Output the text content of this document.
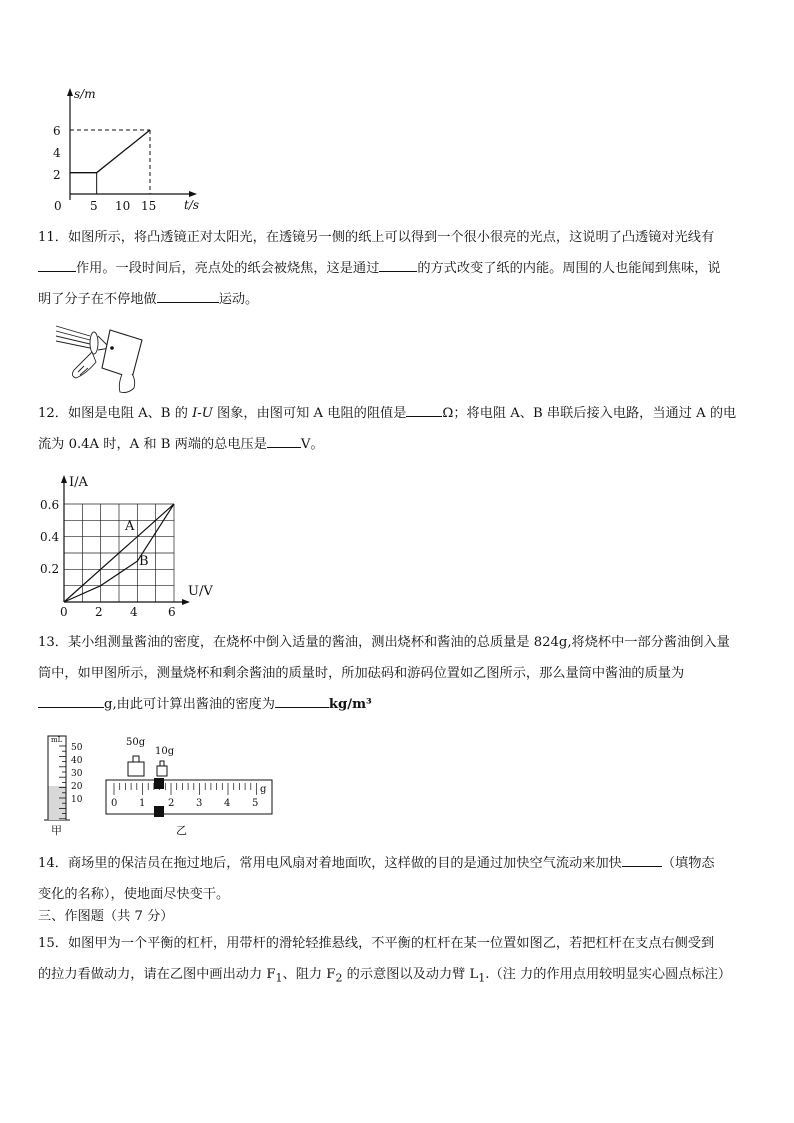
s/m
t/s
6
4
2
0 5 10 15
11．如图所示，将凸透镜正对太阳光，在透镜另一侧的纸上可以得到一个很小很亮的光点，这说明了凸透镜对光线有
作用。一段时间后，亮点处的纸会被烧焦，这是通过	的方式改变了纸的内能。周围的人也能闻到焦味，说
明了分子在不停地做	运动。
12．如图是电阻 A、B 的 I-U 图象，由图可知 A 电阻的阻值是	Ω；将电阻 A、B 串联后接入电路，当通过 A 的电
流为 0.4A 时，A 和 B 两端的总电压是	V。
I/A
U/V
0.6
0.4
0.2
0 2 4	6
A
B
13．某小组测量酱油的密度，在烧杯中倒入适量的酱油，测出烧杯和酱油的总质量是 824g,将烧杯中一部分酱油倒入量
筒中，如甲图所示，测量烧杯和剩余酱油的质量时，所加砝码和游码位置如乙图所示，那么量筒中酱油的质量为
g,由此可计算出酱油的密度为	kg/m³
mL
50
40
30
20
10
甲
50g
10g
0 1 2 3 4 5
g
乙
14．商场里的保洁员在拖过地后，常用电风扇对着地面吹，这样做的目的是通过加快空气流动来加快	（填物态
变化的名称），使地面尽快变干。
三、作图题（共 7 分）
15．如图甲为一个平衡的杠杆，用带杆的滑轮轻推悬线，不平衡的杠杆在某一位置如图乙，若把杠杆在支点右侧受到
的拉力看做动力，请在乙图中画出动力 $F_1$、阻力 $F_2$ 的示意图以及动力臂 $L_1$.（注 力的作用点用较明显实心圆点标注）
